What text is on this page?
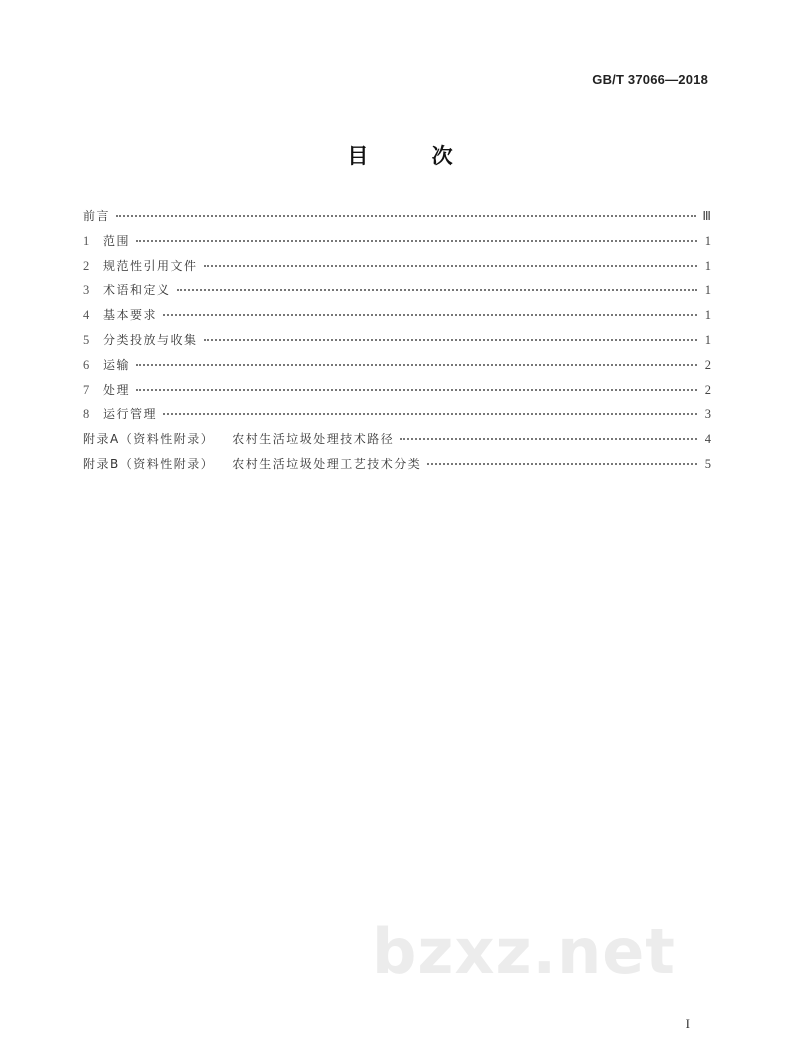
GB/T 37066—2018
目 次
前言	Ⅲ
1	范围	1
2	规范性引用文件	1
3	术语和定义	1
4	基本要求	1
5	分类投放与收集	1
6	运输	2
7	处理	2
8	运行管理	3
附录A（资料性附录） 农村生活垃圾处理技术路径	4
附录B（资料性附录） 农村生活垃圾处理工艺技术分类	5
bzxz.net
I
